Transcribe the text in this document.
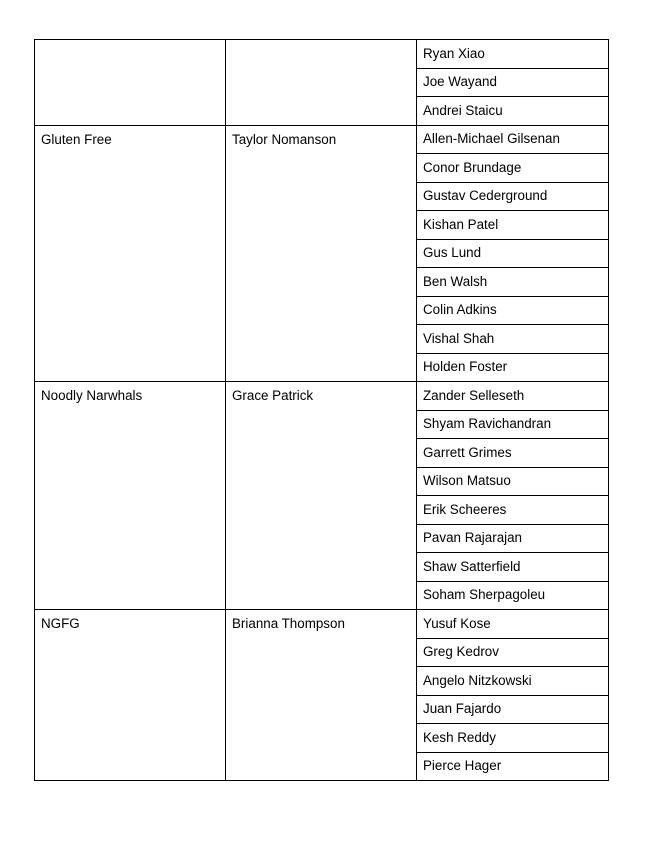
		Ryan Xiao
		Joe Wayand
		Andrei Staicu
Gluten Free	Taylor Nomanson	Allen-Michael Gilsenan
		Conor Brundage
		Gustav Cederground
		Kishan Patel
		Gus Lund
		Ben Walsh
		Colin Adkins
		Vishal Shah
		Holden Foster
Noodly Narwhals	Grace Patrick	Zander Selleseth
		Shyam Ravichandran
		Garrett Grimes
		Wilson Matsuo
		Erik Scheeres
		Pavan Rajarajan
		Shaw Satterfield
		Soham Sherpagoleu
NGFG	Brianna Thompson	Yusuf Kose
		Greg Kedrov
		Angelo Nitzkowski
		Juan Fajardo
		Kesh Reddy
		Pierce Hager
